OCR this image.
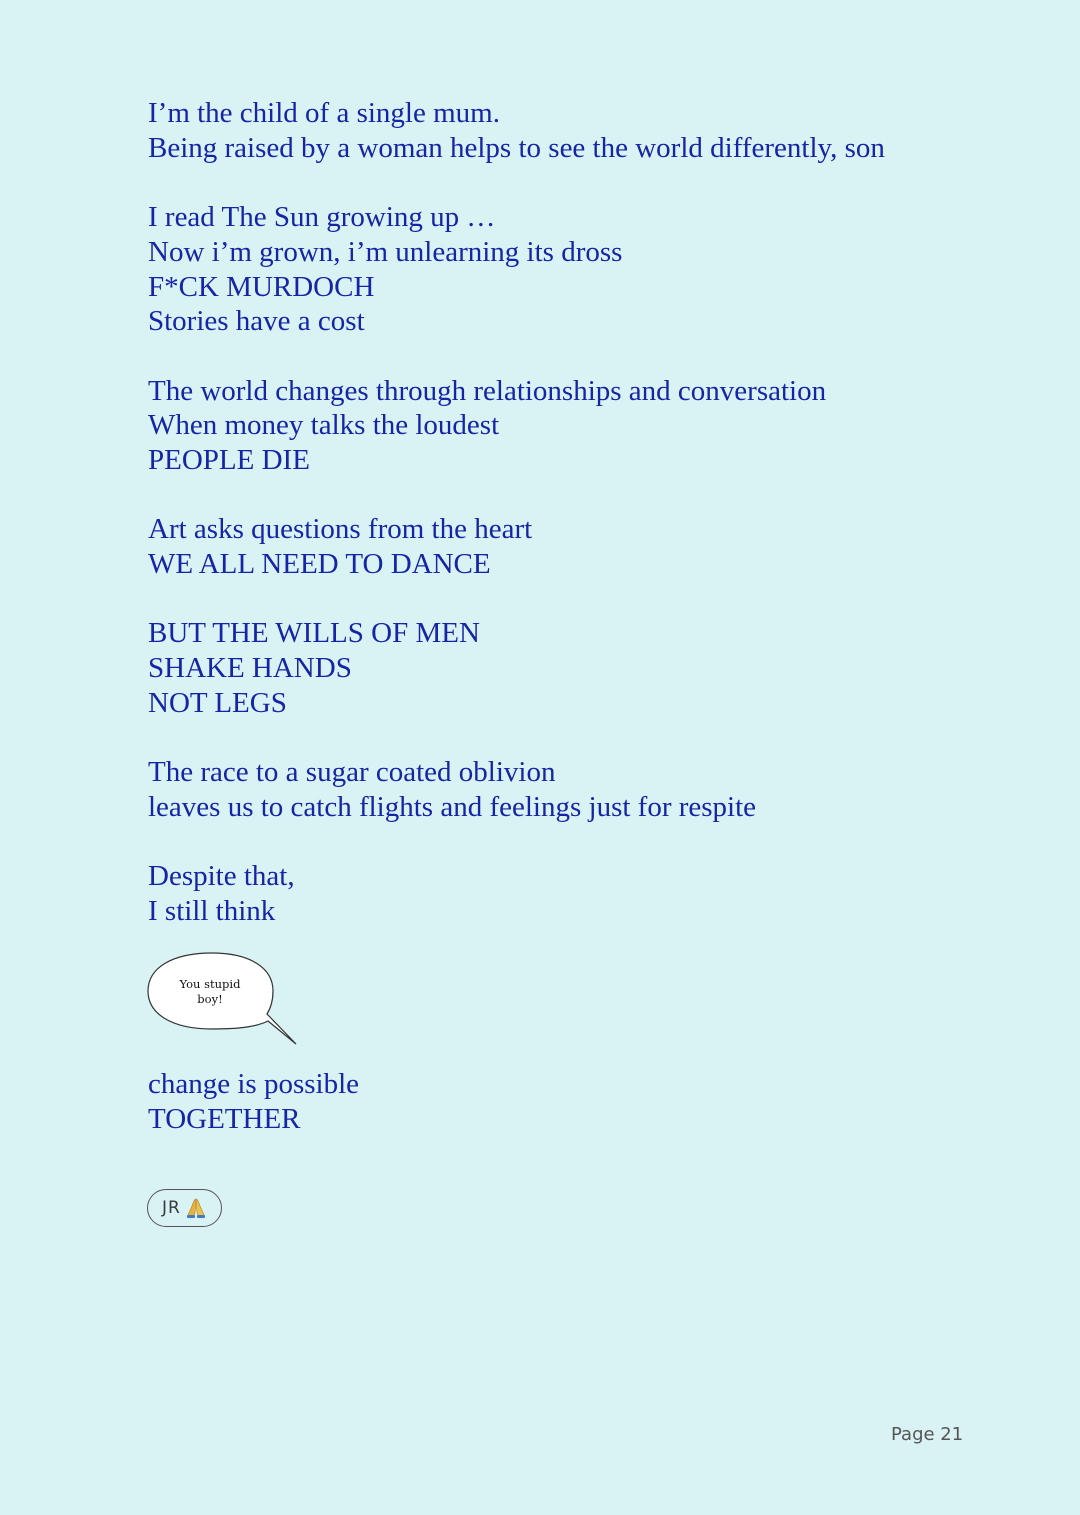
I’m the child of a single mum.
Being raised by a woman helps to see the world differently, son
I read The Sun growing up …
Now i’m grown, i’m unlearning its dross
F*CK MURDOCH
Stories have a cost
The world changes through relationships and conversation
When money talks the loudest
PEOPLE DIE
Art asks questions from the heart
WE ALL NEED TO DANCE
BUT THE WILLS OF MEN
SHAKE HANDS
NOT LEGS
The race to a sugar coated oblivion
leaves us to catch flights and feelings just for respite
Despite that,
I still think
You stupid
boy!
change is possible
TOGETHER
JR
Page 21
